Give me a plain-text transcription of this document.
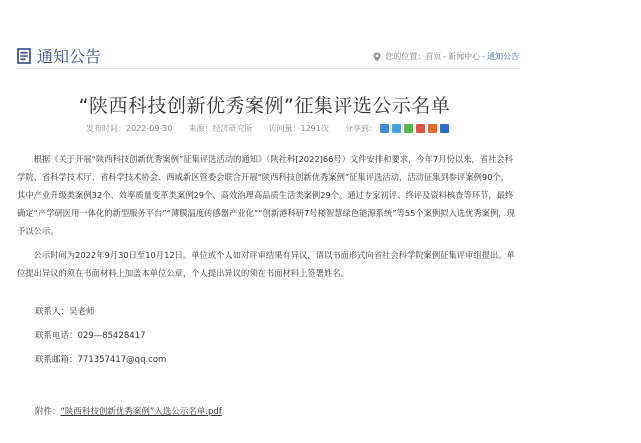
通知公告	您的位置： 首页 - 新闻中心 - 通知公告
“陕西科技创新优秀案例”征集评选公示名单
发布时间：2022-09-30 来源：经济研究所 访问量：1291次 分享到：

根据《关于开展“陕西科技创新优秀案例”征集评选活动的通知》（陕社科[2022]66号）文件安排和要求，今年7月份以来，省社会科学院、省科学技术厅、省科学技术协会、西咸新区管委会联合开展“陕西科技创新优秀案例”征集评选活动，活动征集到参评案例90个，其中产业升级类案例32个、效率质量变革类案例29个、高效治理高品质生活类案例29个。通过专家初评、终评及资料核查等环节，最终确定“产学研医用一体化的新型服务平台”“薄膜温度传感器产业化”“创新港科研7号楼智慧绿色能源系统”等55个案例拟入选优秀案例，现予以公示。

公示时间为2022年9月30日至10月12日。单位或个人如对评审结果有异议，请以书面形式向省社会科学院案例征集评审组提出。单位提出异议的须在书面材料上加盖本单位公章，个人提出异议的须在书面材料上签署姓名。

联系人：吴老师
联系电话：029—85428417
联系邮箱：771357417@qq.com
附件：“陕西科技创新优秀案例”入选公示名单.pdf
